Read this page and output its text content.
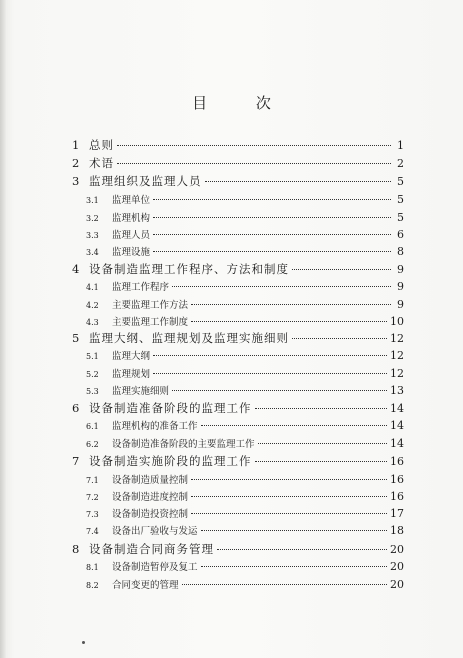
目 次
1 总则	1
2 术语	2
3 监理组织及监理人员	5
3.1	监理单位	5
3.2	监理机构	5
3.3	监理人员	6
3.4	监理设施	8
4 设备制造监理工作程序、方法和制度	9
4.1	监理工作程序	9
4.2	主要监理工作方法	9
4.3	主要监理工作制度	10
5 监理大纲、监理规划及监理实施细则	12
5.1	监理大纲	12
5.2	监理规划	12
5.3	监理实施细则	13
6 设备制造准备阶段的监理工作	14
6.1	监理机构的准备工作	14
6.2	设备制造准备阶段的主要监理工作	14
7 设备制造实施阶段的监理工作	16
7.1	设备制造质量控制	16
7.2	设备制造进度控制	16
7.3	设备制造投资控制	17
7.4	设备出厂验收与发运	18
8 设备制造合同商务管理	20
8.1	设备制造暂停及复工	20
8.2	合同变更的管理	20
